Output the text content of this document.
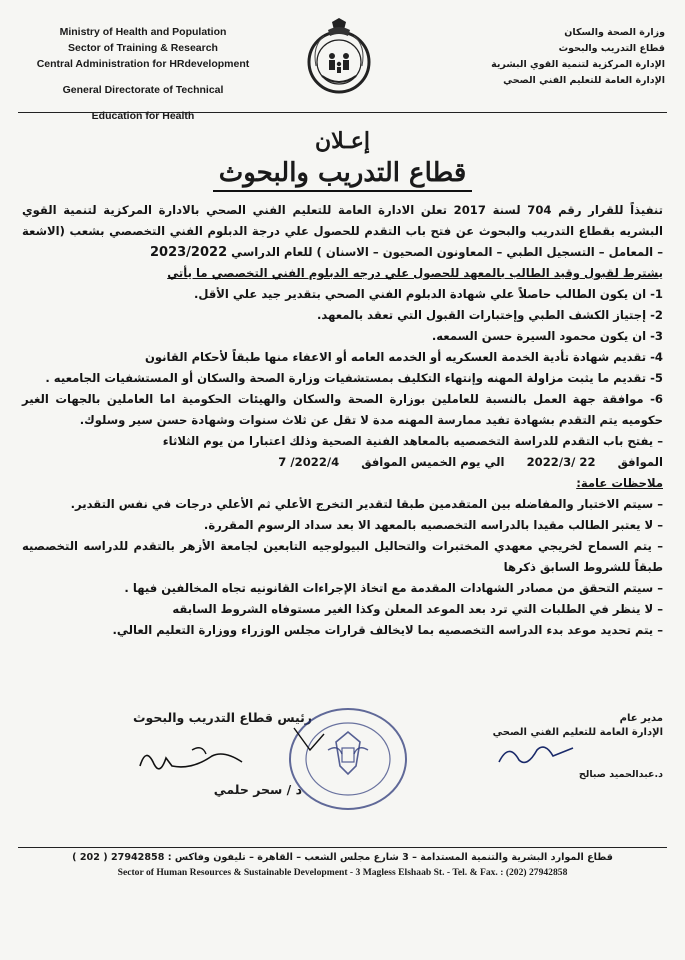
Ministry of Health and Population
Sector of Training & Research
Central Administration for HRdevelopment
General Directorate of Technical
Education for Health
وزارة الصحة والسكان
قطاع التدريب والبحوث
الإدارة المركزية لتنمية القوي البشرية
الإدارة العامة للتعليم الفني الصحي
إعـلان
قطاع التدريب والبحوث

تنفيذاً للقرار رقم 704 لسنة 2017 تعلن الادارة العامة للتعليم الفني الصحي بالادارة المركزية لتنمية القوي البشريه بقطاع التدريب والبحوث عن فتح باب التقدم للحصول علي درجة الدبلوم الفني التخصصي بشعب (الاشعة – المعامل – التسجيل الطبي – المعاونون الصحيون – الاسنان ) للعام الدراسي 2023/2022

يشترط لقبول وقيد الطالب بالمعهد للحصول علي درجه الدبلوم الفني التخصصي ما يأتي

1- ان يكون الطالب حاصلاً علي شهادة الدبلوم الفني الصحي بتقدير جيد علي الأقل.

2- إجتياز الكشف الطبي وإختبارات القبول التي تعقد بالمعهد.

3- ان يكون محمود السيرة حسن السمعه.

4- تقديم شهادة تأدية الخدمة العسكريه أو الخدمه العامه أو الاعفاء منها طبقاً لأحكام القانون

5- تقديم ما يثبت مزاولة المهنه وإنتهاء التكليف بمستشفيات وزارة الصحة والسكان أو المستشفيات الجامعيه .

6- موافقة جهة العمل بالنسبة للعاملين بوزارة الصحة والسكان والهيئات الحكومية اما العاملين بالجهات الغير حكوميه يتم التقدم بشهادة تفيد ممارسة المهنه مدة لا تقل عن ثلاث سنوات وشهادة حسن سير وسلوك.

– يفتح باب التقدم للدراسة التخصصيه بالمعاهد الفنية الصحية وذلك اعتبارا من يوم الثلاثاء

الموافق 22 /2022/3 الي يوم الخميس الموافق 2022/4/ 7

ملاحظات عامة:

– سيتم الاختبار والمفاضله بين المتقدمين طبقا لتقدير التخرج الأعلي ثم الأعلي درجات في نفس التقدير.

– لا يعتبر الطالب مقيدا بالدراسه التخصصيه بالمعهد الا بعد سداد الرسوم المقررة.

– يتم السماح لخريجي معهدي المختبرات والتحاليل البيولوجيه التابعين لجامعة الأزهر بالتقدم للدراسه التخصصيه طبقاً للشروط السابق ذكرها

– سيتم التحقق من مصادر الشهادات المقدمة مع اتخاذ الإجراءات القانونيه تجاه المخالفين فيها .

– لا ينظر في الطلبات التي ترد بعد الموعد المعلن وكذا الغير مستوفاه الشروط السابقه

– يتم تحديد موعد بدء الدراسه التخصصيه بما لايخالف قرارات مجلس الوزراء ووزارة التعليم العالي.

رئيس قطاع التدريب والبحوث
د / سحر حلمي
مدير عام
الإدارة العامة للتعليم الفني الصحي
د.عبدالحميد صبالح
قطاع الموارد البشرية والتنمية المستدامة – 3 شارع مجلس الشعب – القاهرة – تليفون وفاكس : 27942858 ( 202 )
Sector of Human Resources & Sustainable Development - 3 Magless Elshaab St. - Tel. & Fax. : (202) 27942858
